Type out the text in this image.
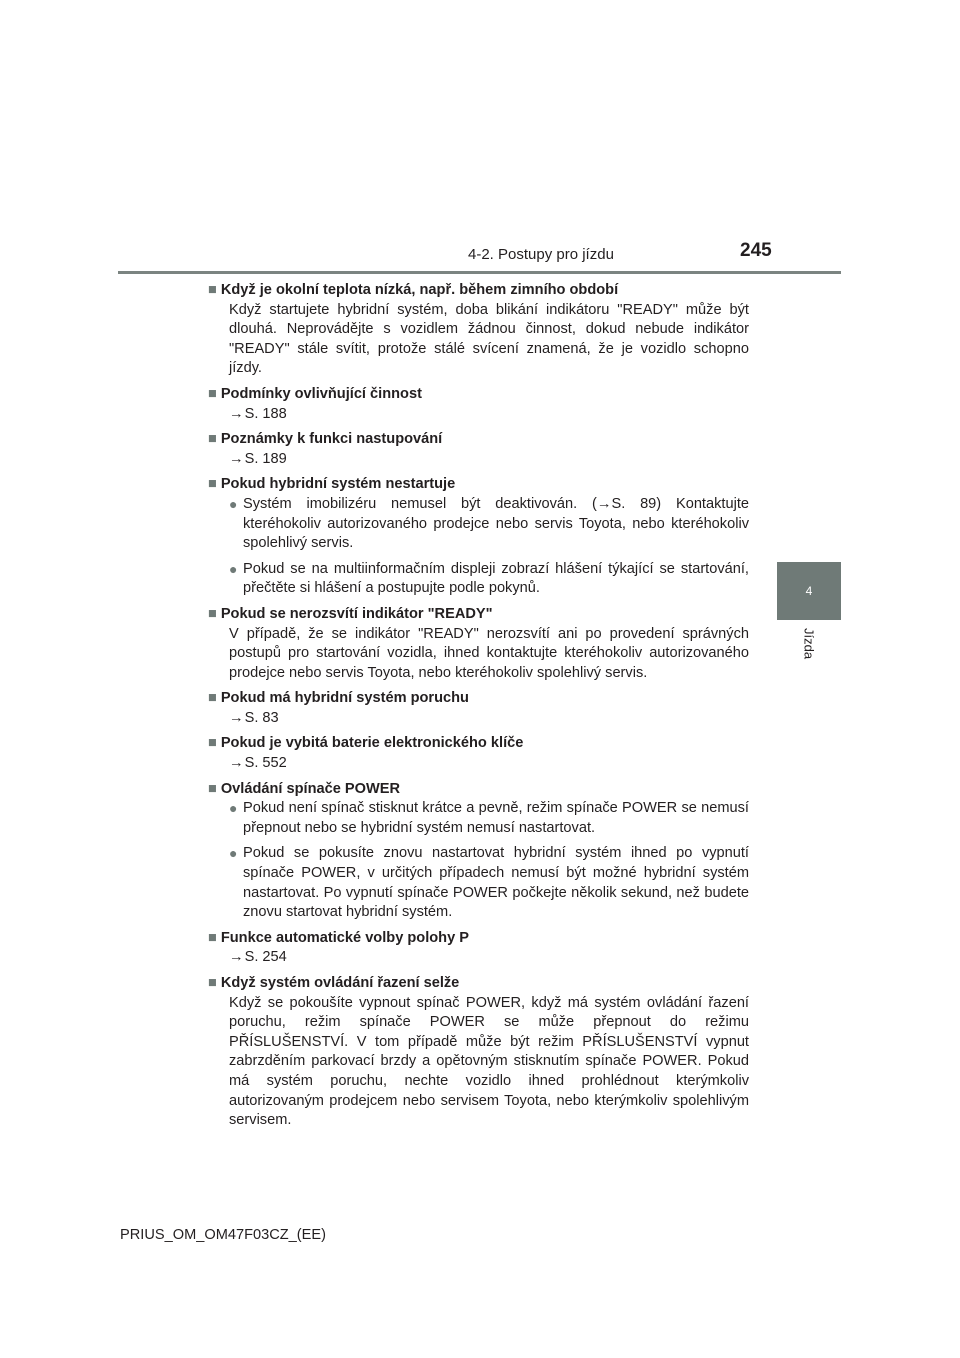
4-2. Postupy pro jízdu	245
4
Jízda
■ Když je okolní teplota nízká, např. během zimního období
Když startujete hybridní systém, doba blikání indikátoru "READY" může být dlouhá. Neprovádějte s vozidlem žádnou činnost, dokud nebude indikátor "READY" stále svítit, protože stálé svícení znamená, že je vozidlo schopno jízdy.
■ Podmínky ovlivňující činnost
→S. 188
■ Poznámky k funkci nastupování
→S. 189
■ Pokud hybridní systém nestartuje
● Systém imobilizéru nemusel být deaktivován. (→S. 89) Kontaktujte kteréhokoliv autorizovaného prodejce nebo servis Toyota, nebo kteréhokoliv spolehlivý servis.
● Pokud se na multiinformačním displeji zobrazí hlášení týkající se startování, přečtěte si hlášení a postupujte podle pokynů.
■ Pokud se nerozsvítí indikátor "READY"
V případě, že se indikátor "READY" nerozsvítí ani po provedení správných postupů pro startování vozidla, ihned kontaktujte kteréhokoliv autorizovaného prodejce nebo servis Toyota, nebo kteréhokoliv spolehlivý servis.
■ Pokud má hybridní systém poruchu
→S. 83
■ Pokud je vybitá baterie elektronického klíče
→S. 552
■ Ovládání spínače POWER
● Pokud není spínač stisknut krátce a pevně, režim spínače POWER se nemusí přepnout nebo se hybridní systém nemusí nastartovat.
● Pokud se pokusíte znovu nastartovat hybridní systém ihned po vypnutí spínače POWER, v určitých případech nemusí být možné hybridní systém nastartovat. Po vypnutí spínače POWER počkejte několik sekund, než budete znovu startovat hybridní systém.
■ Funkce automatické volby polohy P
→S. 254
■ Když systém ovládání řazení selže
Když se pokoušíte vypnout spínač POWER, když má systém ovládání řazení poruchu, režim spínače POWER se může přepnout do režimu PŘÍSLUŠENSTVÍ. V tom případě může být režim PŘÍSLUŠENSTVÍ vypnut zabrzděním parkovací brzdy a opětovným stisknutím spínače POWER. Pokud má systém poruchu, nechte vozidlo ihned prohlédnout kterýmkoliv autorizovaným prodejcem nebo servisem Toyota, nebo kterýmkoliv spolehlivým servisem.
PRIUS_OM_OM47F03CZ_(EE)
